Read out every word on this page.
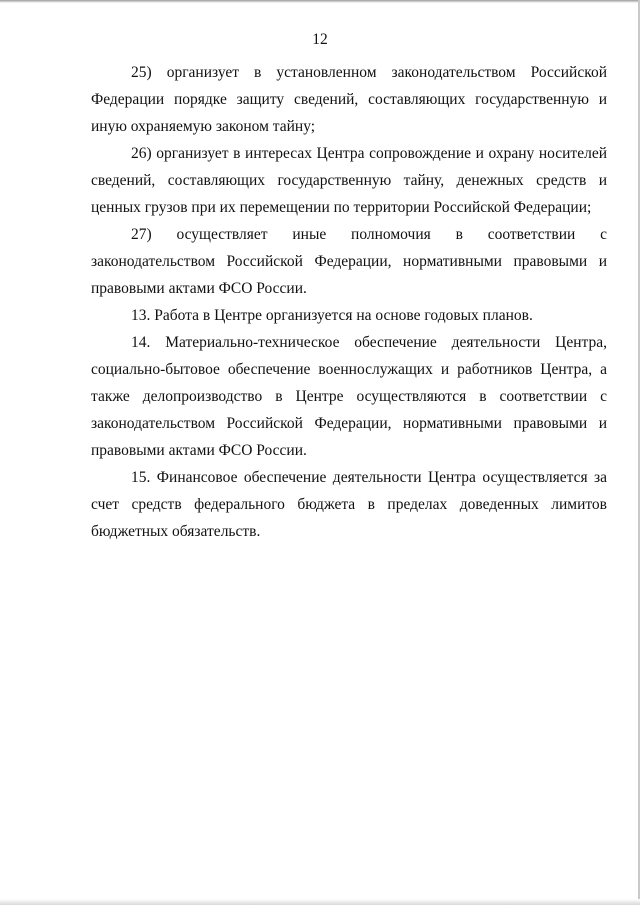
12

25) организует в установленном законодательством Российской Федерации порядке защиту сведений, составляющих государственную и иную охраняемую законом тайну;

26) организует в интересах Центра сопровождение и охрану носителей сведений, составляющих государственную тайну, денежных средств и ценных грузов при их перемещении по территории Российской Федерации;

27) осуществляет иные полномочия в соответствии с законодательством Российской Федерации, нормативными правовыми и правовыми актами ФСО России.

13. Работа в Центре организуется на основе годовых планов.

14. Материально-техническое обеспечение деятельности Центра, социально-бытовое обеспечение военнослужащих и работников Центра, а также делопроизводство в Центре осуществляются в соответствии с законодательством Российской Федерации, нормативными правовыми и правовыми актами ФСО России.

15. Финансовое обеспечение деятельности Центра осуществляется за счет средств федерального бюджета в пределах доведенных лимитов бюджетных обязательств.
